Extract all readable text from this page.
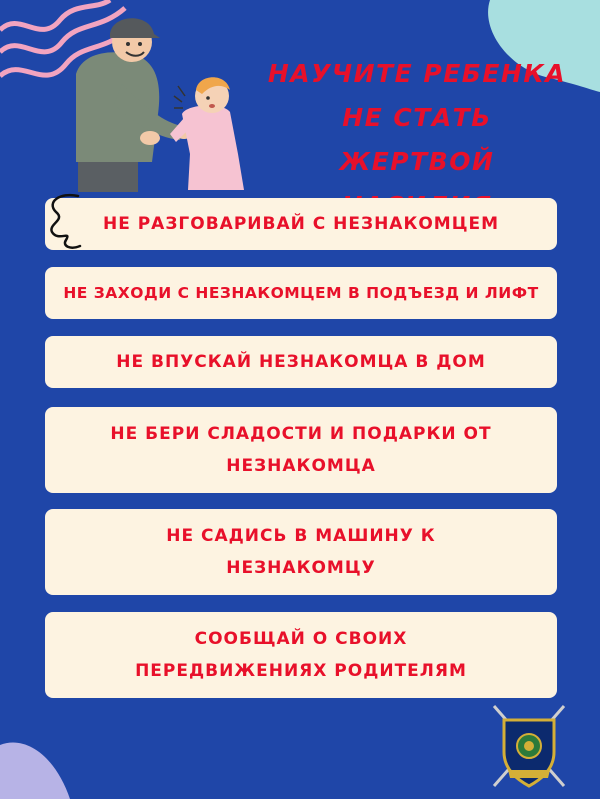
НАУЧИТЕ РЕБЕНКА
НЕ СТАТЬ ЖЕРТВОЙ
НЕ РАЗГОВАРИВАЙ С НЕЗНАКОМЦЕМ
НЕ ЗАХОДИ С НЕЗНАКОМЦЕМ В ПОДЪЕЗД И ЛИФТ
НЕ ВПУСКАЙ НЕЗНАКОМЦА В ДОМ
НЕ БЕРИ СЛАДОСТИ И ПОДАРКИ ОТ
НЕЗНАКОМЦА
НЕ САДИСЬ В МАШИНУ К
НЕЗНАКОМЦУ
СООБЩАЙ О СВОИХ
ПЕРЕДВИЖЕНИЯХ РОДИТЕЛЯМ
